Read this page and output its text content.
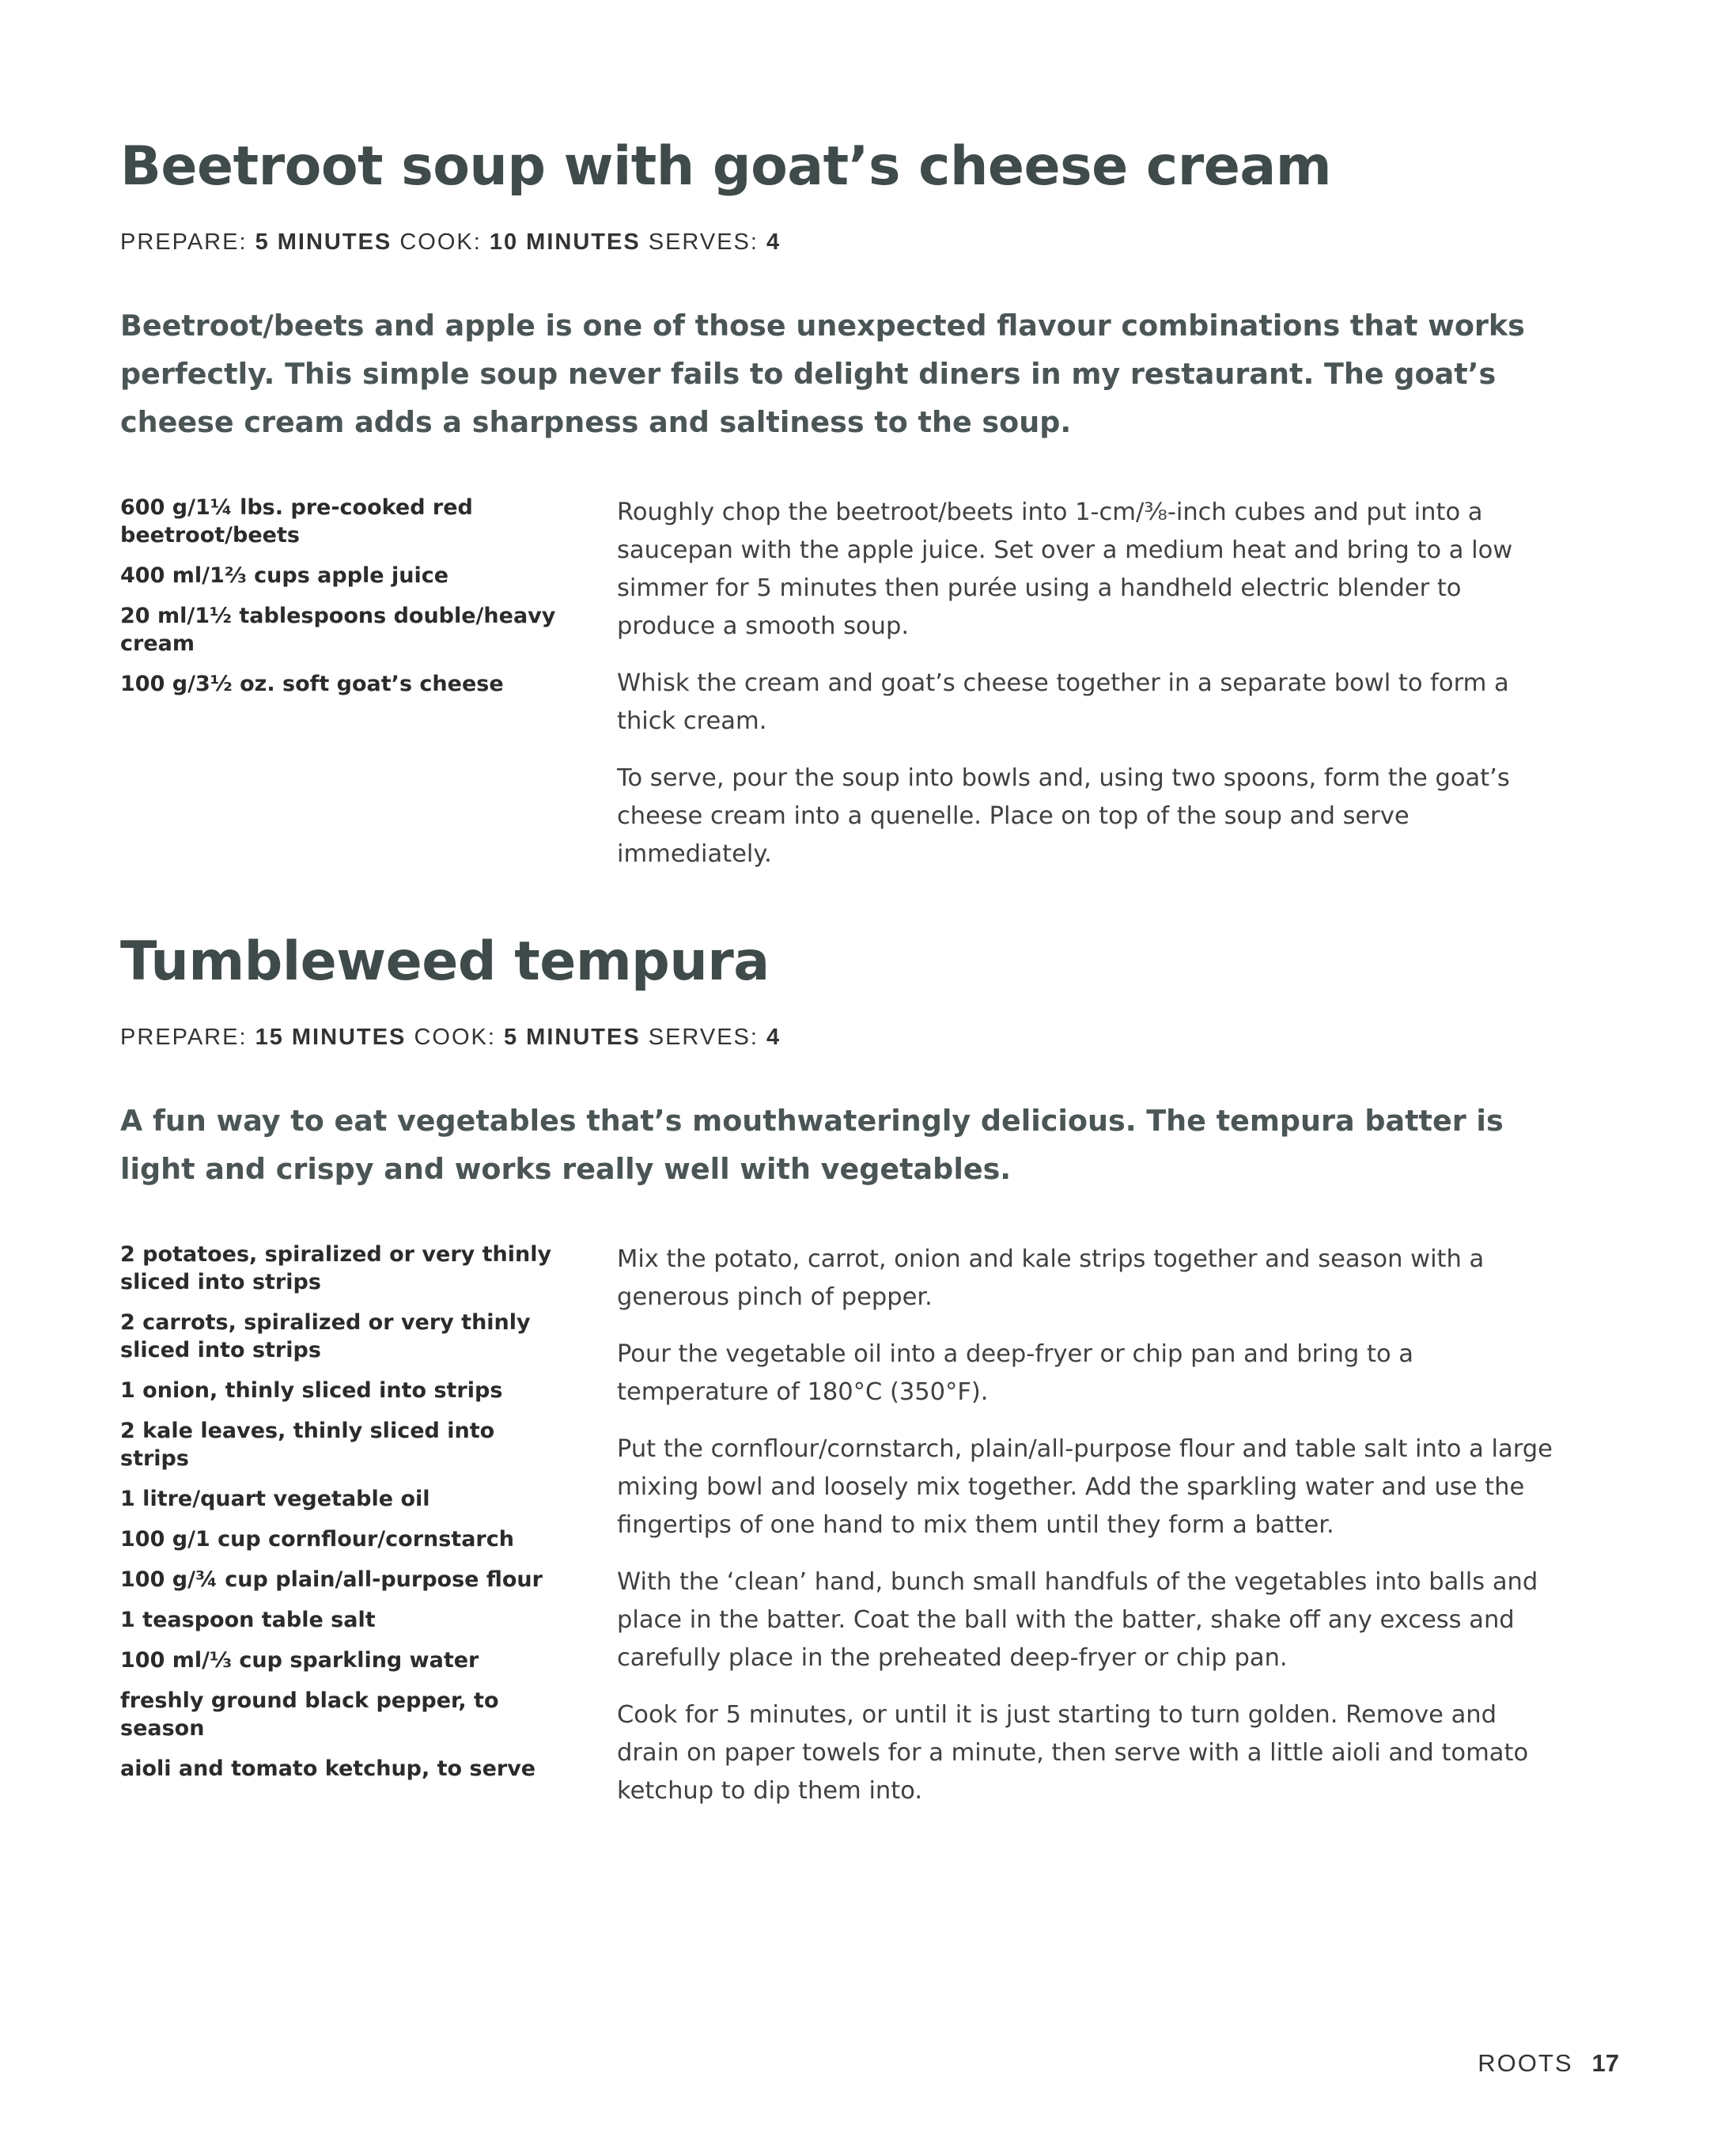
Beetroot soup with goat’s cheese cream
PREPARE: 5 MINUTES COOK: 10 MINUTES SERVES: 4

Beetroot/beets and apple is one of those unexpected flavour combinations that works perfectly. This simple soup never fails to delight diners in my restaurant. The goat’s cheese cream adds a sharpness and saltiness to the soup.

600 g/1¼ lbs. pre-cooked red beetroot/beets
400 ml/1⅔ cups apple juice
20 ml/1½ tablespoons double/heavy cream
100 g/3½ oz. soft goat’s cheese

Roughly chop the beetroot/beets into 1-cm/⅜-inch cubes and put into a saucepan with the apple juice. Set over a medium heat and bring to a low simmer for 5 minutes then purée using a handheld electric blender to produce a smooth soup.

Whisk the cream and goat’s cheese together in a separate bowl to form a thick cream.

To serve, pour the soup into bowls and, using two spoons, form the goat’s cheese cream into a quenelle. Place on top of the soup and serve immediately.

Tumbleweed tempura
PREPARE: 15 MINUTES COOK: 5 MINUTES SERVES: 4

A fun way to eat vegetables that’s mouthwateringly delicious. The tempura batter is light and crispy and works really well with vegetables.

2 potatoes, spiralized or very thinly sliced into strips
2 carrots, spiralized or very thinly sliced into strips
1 onion, thinly sliced into strips
2 kale leaves, thinly sliced into strips
1 litre/quart vegetable oil
100 g/1 cup cornflour/cornstarch
100 g/¾ cup plain/all-purpose flour
1 teaspoon table salt
100 ml/⅓ cup sparkling water
freshly ground black pepper, to season
aioli and tomato ketchup, to serve

Mix the potato, carrot, onion and kale strips together and season with a generous pinch of pepper.

Pour the vegetable oil into a deep-fryer or chip pan and bring to a temperature of 180°C (350°F).

Put the cornflour/cornstarch, plain/all-purpose flour and table salt into a large mixing bowl and loosely mix together. Add the sparkling water and use the fingertips of one hand to mix them until they form a batter.

With the ‘clean’ hand, bunch small handfuls of the vegetables into balls and place in the batter. Coat the ball with the batter, shake off any excess and carefully place in the preheated deep-fryer or chip pan.

Cook for 5 minutes, or until it is just starting to turn golden. Remove and drain on paper towels for a minute, then serve with a little aioli and tomato ketchup to dip them into.

ROOTS 17
